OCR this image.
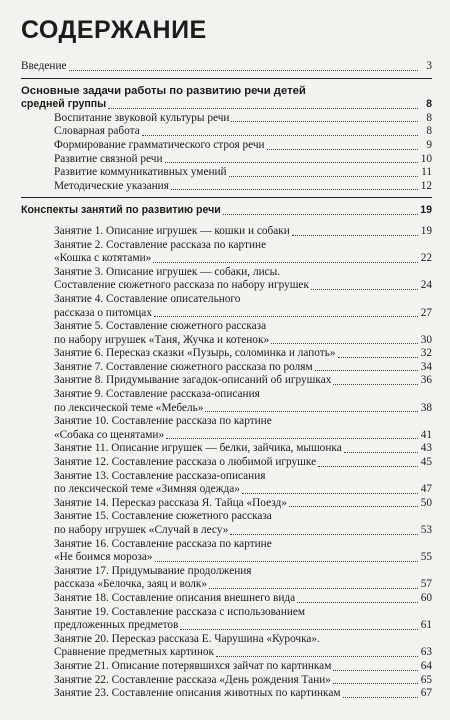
СОДЕРЖАНИЕ
Введение	3
Основные задачи работы по развитию речи детей
средней группы	8
Воспитание звуковой культуры речи	8
Словарная работа	8
Формирование грамматического строя речи	9
Развитие связной речи	10
Развитие коммуникативных умений	11
Методические указания	12
Конспекты занятий по развитию речи	19
Занятие 1. Описание игрушек — кошки и собаки	19
Занятие 2. Составление рассказа по картине
«Кошка с котятами»	22
Занятие 3. Описание игрушек — собаки, лисы.
Составление сюжетного рассказа по набору игрушек	24
Занятие 4. Составление описательного
рассказа о питомцах	27
Занятие 5. Составление сюжетного рассказа
по набору игрушек «Таня, Жучка и котенок»	30
Занятие 6. Пересказ сказки «Пузырь, соломинка и лапоть»	32
Занятие 7. Составление сюжетного рассказа по ролям	34
Занятие 8. Придумывание загадок-описаний об игрушках	36
Занятие 9. Составление рассказа-описания
по лексической теме «Мебель»	38
Занятие 10. Составление рассказа по картине
«Собака со щенятами»	41
Занятие 11. Описание игрушек — белки, зайчика, мышонка	43
Занятие 12. Составление рассказа о любимой игрушке	45
Занятие 13. Составление рассказа-описания
по лексической теме «Зимняя одежда»	47
Занятие 14. Пересказ рассказа Я. Тайца «Поезд»	50
Занятие 15. Составление сюжетного рассказа
по набору игрушек «Случай в лесу»	53
Занятие 16. Составление рассказа по картине
«Не боимся мороза»	55
Занятие 17. Придумывание продолжения
рассказа «Белочка, заяц и волк»	57
Занятие 18. Составление описания внешнего вида	60
Занятие 19. Составление рассказа с использованием
предложенных предметов	61
Занятие 20. Пересказ рассказа Е. Чарушина «Курочка».
Сравнение предметных картинок	63
Занятие 21. Описание потерявшихся зайчат по картинкам	64
Занятие 22. Составление рассказа «День рождения Тани»	65
Занятие 23. Составление описания животных по картинкам	67
